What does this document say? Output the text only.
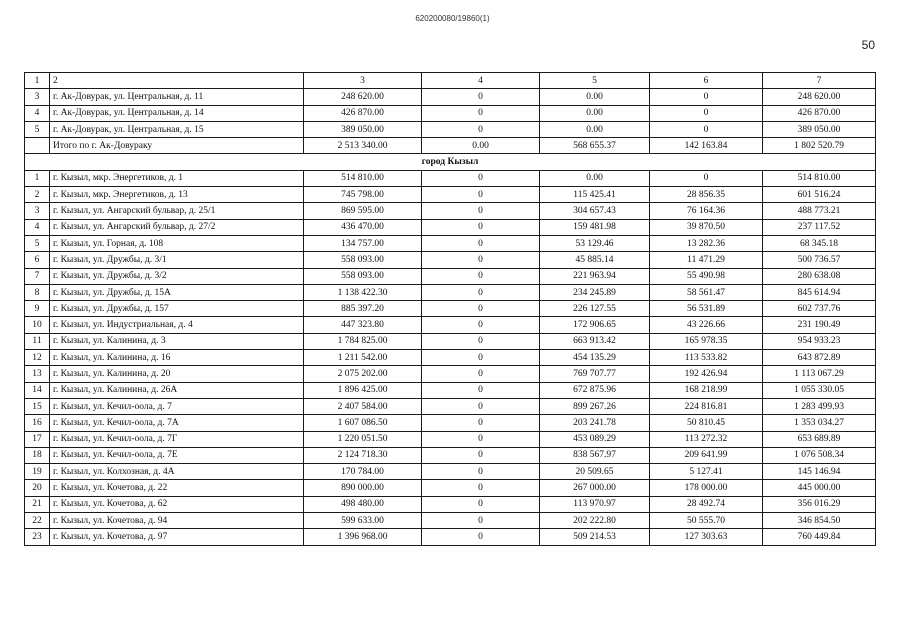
620200080/19860(1)
50
1	2	3	4	5	6	7
3	г. Ак-Довурак, ул. Центральная, д. 11	248 620.00	0	0.00	0	248 620.00
4	г. Ак-Довурак, ул. Центральная, д. 14	426 870.00	0	0.00	0	426 870.00
5	г. Ак-Довурак, ул. Центральная, д. 15	389 050.00	0	0.00	0	389 050.00
	Итого по г. Ак-Довураку	2 513 340.00	0.00	568 655.37	142 163.84	1 802 520.79
город Кызыл						
1	г. Кызыл, мкр. Энергетиков, д. 1	514 810.00	0	0.00	0	514 810.00
2	г. Кызыл, мкр. Энергетиков, д. 13	745 798.00	0	115 425.41	28 856.35	601 516.24
3	г. Кызыл, ул. Ангарский бульвар, д. 25/1	869 595.00	0	304 657.43	76 164.36	488 773.21
4	г. Кызыл, ул. Ангарский бульвар, д. 27/2	436 470.00	0	159 481.98	39 870.50	237 117.52
5	г. Кызыл, ул. Горная, д. 108	134 757.00	0	53 129.46	13 282.36	68 345.18
6	г. Кызыл, ул. Дружбы, д. 3/1	558 093.00	0	45 885.14	11 471.29	500 736.57
7	г. Кызыл, ул. Дружбы, д. 3/2	558 093.00	0	221 963.94	55 490.98	280 638.08
8	г. Кызыл, ул. Дружбы, д. 15А	1 138 422.30	0	234 245.89	58 561.47	845 614.94
9	г. Кызыл, ул. Дружбы, д. 157	885 397.20	0	226 127.55	56 531.89	602 737.76
10	г. Кызыл, ул. Индустриальная, д. 4	447 323.80	0	172 906.65	43 226.66	231 190.49
11	г. Кызыл, ул. Калинина, д. 3	1 784 825.00	0	663 913.42	165 978.35	954 933.23
12	г. Кызыл, ул. Калинина, д. 16	1 211 542.00	0	454 135.29	113 533.82	643 872.89
13	г. Кызыл, ул. Калинина, д. 20	2 075 202.00	0	769 707.77	192 426.94	1 113 067.29
14	г. Кызыл, ул. Калинина, д. 26А	1 896 425.00	0	672 875.96	168 218.99	1 055 330.05
15	г. Кызыл, ул. Кечил-оола, д. 7	2 407 584.00	0	899 267.26	224 816.81	1 283 499.93
16	г. Кызыл, ул. Кечил-оола, д. 7А	1 607 086.50	0	203 241.78	50 810.45	1 353 034.27
17	г. Кызыл, ул. Кечил-оола, д. 7Г	1 220 051.50	0	453 089.29	113 272.32	653 689.89
18	г. Кызыл, ул. Кечил-оола, д. 7Е	2 124 718.30	0	838 567.97	209 641.99	1 076 508.34
19	г. Кызыл, ул. Колхозная, д. 4А	170 784.00	0	20 509.65	5 127.41	145 146.94
20	г. Кызыл, ул. Кочетова, д. 22	890 000.00	0	267 000.00	178 000.00	445 000.00
21	г. Кызыл, ул. Кочетова, д. 62	498 480.00	0	113 970.97	28 492.74	356 016.29
22	г. Кызыл, ул. Кочетова, д. 94	599 633.00	0	202 222.80	50 555.70	346 854.50
23	г. Кызыл, ул. Кочетова, д. 97	1 396 968.00	0	509 214.53	127 303.63	760 449.84
